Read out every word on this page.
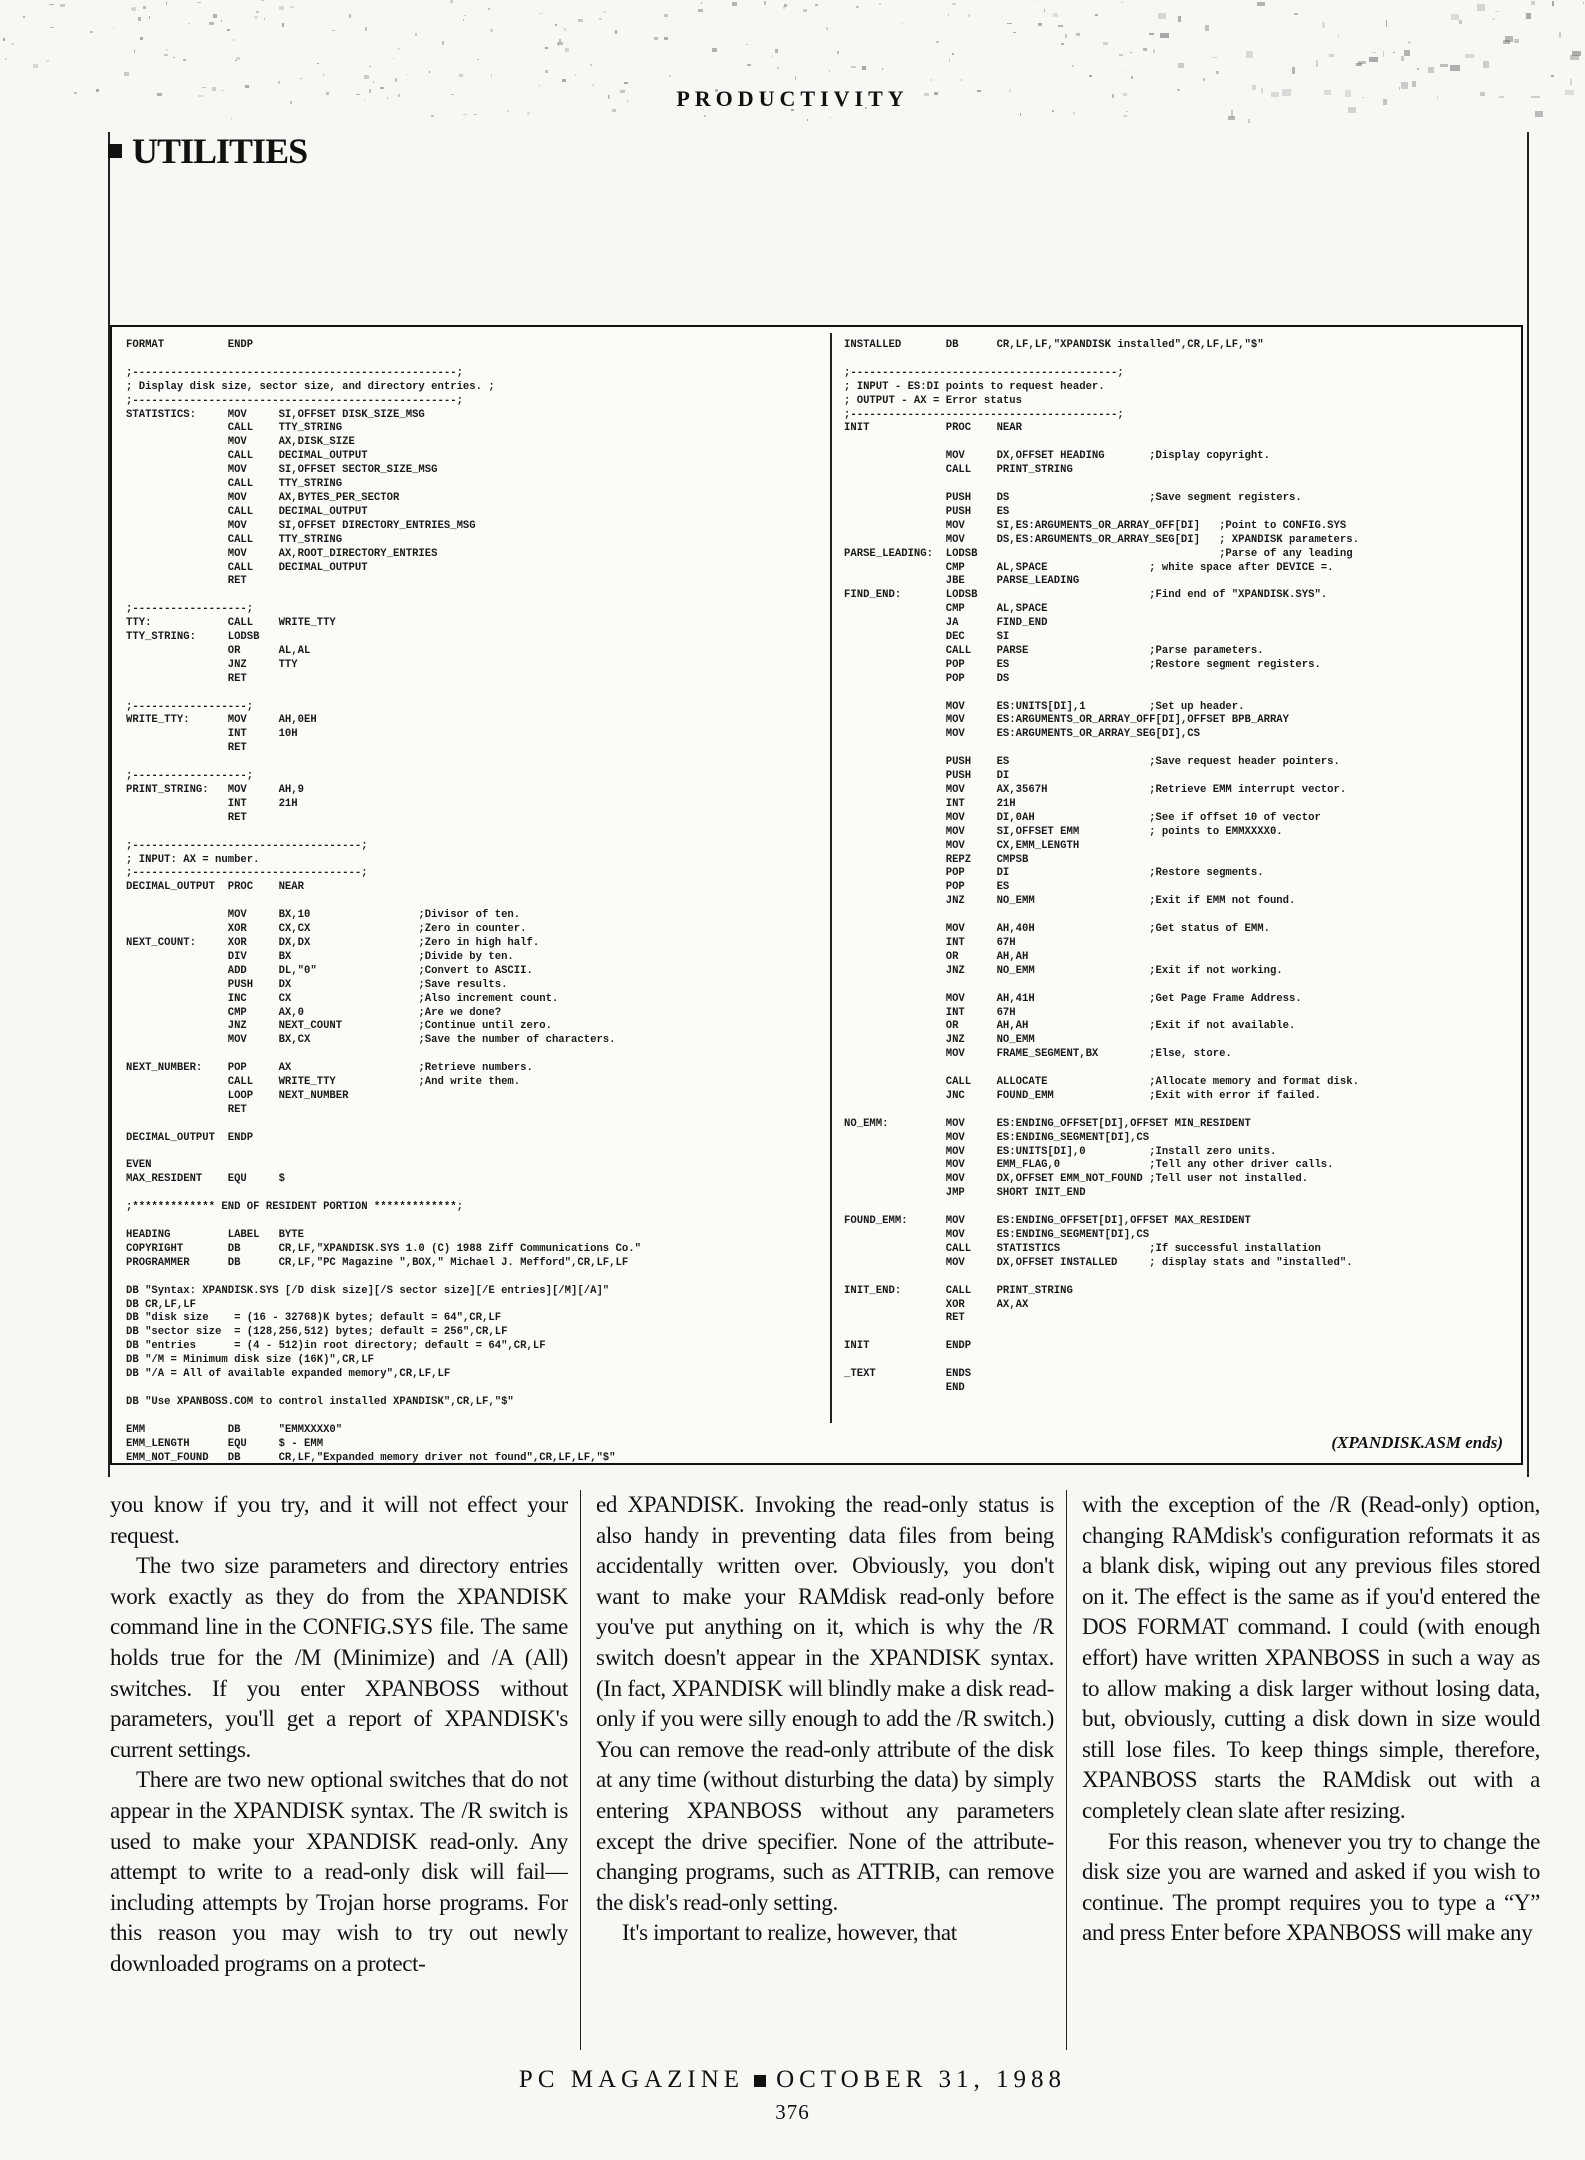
PRODUCTIVITY
UTILITIES
FORMAT          ENDP

;---------------------------------------------------;
; Display disk size, sector size, and directory entries. ;
;---------------------------------------------------;
STATISTICS:     MOV     SI,OFFSET DISK_SIZE_MSG
CALL    TTY_STRING
MOV     AX,DISK_SIZE
CALL    DECIMAL_OUTPUT
MOV     SI,OFFSET SECTOR_SIZE_MSG
CALL    TTY_STRING
MOV     AX,BYTES_PER_SECTOR
CALL    DECIMAL_OUTPUT
MOV     SI,OFFSET DIRECTORY_ENTRIES_MSG
CALL    TTY_STRING
MOV     AX,ROOT_DIRECTORY_ENTRIES
CALL    DECIMAL_OUTPUT
RET

;------------------;
TTY:            CALL    WRITE_TTY
TTY_STRING:     LODSB
OR      AL,AL
JNZ     TTY
RET

;------------------;
WRITE_TTY:      MOV     AH,0EH
INT     10H
RET

;------------------;
PRINT_STRING:   MOV     AH,9
INT     21H
RET

;------------------------------------;
; INPUT: AX = number.
;------------------------------------;
DECIMAL_OUTPUT  PROC    NEAR

MOV     BX,10                 ;Divisor of ten.
XOR     CX,CX                 ;Zero in counter.
NEXT_COUNT:     XOR     DX,DX                 ;Zero in high half.
DIV     BX                    ;Divide by ten.
ADD     DL,"0"                ;Convert to ASCII.
PUSH    DX                    ;Save results.
INC     CX                    ;Also increment count.
CMP     AX,0                  ;Are we done?
JNZ     NEXT_COUNT            ;Continue until zero.
MOV     BX,CX                 ;Save the number of characters.

NEXT_NUMBER:    POP     AX                    ;Retrieve numbers.
CALL    WRITE_TTY             ;And write them.
LOOP    NEXT_NUMBER
RET

DECIMAL_OUTPUT  ENDP

EVEN
MAX_RESIDENT    EQU     $

;************* END OF RESIDENT PORTION *************;

HEADING         LABEL   BYTE
COPYRIGHT       DB      CR,LF,"XPANDISK.SYS 1.0 (C) 1988 Ziff Communications Co."
PROGRAMMER      DB      CR,LF,"PC Magazine ",BOX," Michael J. Mefford",CR,LF,LF

DB "Syntax: XPANDISK.SYS [/D disk size][/S sector size][/E entries][/M][/A]"
DB CR,LF,LF
DB "disk size    = (16 - 32768)K bytes; default = 64",CR,LF
DB "sector size  = (128,256,512) bytes; default = 256",CR,LF
DB "entries      = (4 - 512)in root directory; default = 64",CR,LF
DB "/M = Minimum disk size (16K)",CR,LF
DB "/A = All of available expanded memory",CR,LF,LF

DB "Use XPANBOSS.COM to control installed XPANDISK",CR,LF,"$"

EMM             DB      "EMMXXXX0"
EMM_LENGTH      EQU     $ - EMM
EMM_NOT_FOUND   DB      CR,LF,"Expanded memory driver not found",CR,LF,LF,"$"
INSTALLED       DB      CR,LF,LF,"XPANDISK installed",CR,LF,LF,"$"

;------------------------------------------;
; INPUT - ES:DI points to request header.
; OUTPUT - AX = Error status
;------------------------------------------;
INIT            PROC    NEAR

MOV     DX,OFFSET HEADING       ;Display copyright.
CALL    PRINT_STRING

PUSH    DS                      ;Save segment registers.
PUSH    ES
MOV     SI,ES:ARGUMENTS_OR_ARRAY_OFF[DI]   ;Point to CONFIG.SYS
MOV     DS,ES:ARGUMENTS_OR_ARRAY_SEG[DI]   ; XPANDISK parameters.
PARSE_LEADING:  LODSB                                      ;Parse of any leading
CMP     AL,SPACE                ; white space after DEVICE =.
JBE     PARSE_LEADING
FIND_END:       LODSB                           ;Find end of "XPANDISK.SYS".
CMP     AL,SPACE
JA      FIND_END
DEC     SI
CALL    PARSE                   ;Parse parameters.
POP     ES                      ;Restore segment registers.
POP     DS

MOV     ES:UNITS[DI],1          ;Set up header.
MOV     ES:ARGUMENTS_OR_ARRAY_OFF[DI],OFFSET BPB_ARRAY
MOV     ES:ARGUMENTS_OR_ARRAY_SEG[DI],CS

PUSH    ES                      ;Save request header pointers.
PUSH    DI
MOV     AX,3567H                ;Retrieve EMM interrupt vector.
INT     21H
MOV     DI,0AH                  ;See if offset 10 of vector
MOV     SI,OFFSET EMM           ; points to EMMXXXX0.
MOV     CX,EMM_LENGTH
REPZ    CMPSB
POP     DI                      ;Restore segments.
POP     ES
JNZ     NO_EMM                  ;Exit if EMM not found.

MOV     AH,40H                  ;Get status of EMM.
INT     67H
OR      AH,AH
JNZ     NO_EMM                  ;Exit if not working.

MOV     AH,41H                  ;Get Page Frame Address.
INT     67H
OR      AH,AH                   ;Exit if not available.
JNZ     NO_EMM
MOV     FRAME_SEGMENT,BX        ;Else, store.

CALL    ALLOCATE                ;Allocate memory and format disk.
JNC     FOUND_EMM               ;Exit with error if failed.

NO_EMM:         MOV     ES:ENDING_OFFSET[DI],OFFSET MIN_RESIDENT
MOV     ES:ENDING_SEGMENT[DI],CS
MOV     ES:UNITS[DI],0          ;Install zero units.
MOV     EMM_FLAG,0              ;Tell any other driver calls.
MOV     DX,OFFSET EMM_NOT_FOUND ;Tell user not installed.
JMP     SHORT INIT_END

FOUND_EMM:      MOV     ES:ENDING_OFFSET[DI],OFFSET MAX_RESIDENT
MOV     ES:ENDING_SEGMENT[DI],CS
CALL    STATISTICS              ;If successful installation
MOV     DX,OFFSET INSTALLED     ; display stats and "installed".

INIT_END:       CALL    PRINT_STRING
XOR     AX,AX
RET

INIT            ENDP

_TEXT           ENDS
END
(XPANDISK.ASM ends)

you know if you try, and it will not effect your request.

The two size parameters and directory entries work exactly as they do from the XPANDISK command line in the CONFIG.SYS file. The same holds true for the /M (Minimize) and /A (All) switches. If you enter XPANBOSS without parameters, you'll get a report of XPANDISK's current settings.

There are two new optional switches that do not appear in the XPANDISK syntax. The /R switch is used to make your XPANDISK read-only. Any attempt to write to a read-only disk will fail—including attempts by Trojan horse programs. For this reason you may wish to try out newly downloaded programs on a protect-

ed XPANDISK. Invoking the read-only status is also handy in preventing data files from being accidentally written over. Obviously, you don't want to make your RAMdisk read-only before you've put anything on it, which is why the /R switch doesn't appear in the XPANDISK syntax. (In fact, XPANDISK will blindly make a disk read-only if you were silly enough to add the /R switch.) You can remove the read-only attribute of the disk at any time (without disturbing the data) by simply entering XPANBOSS without any parameters except the drive specifier. None of the attribute-changing programs, such as ATTRIB, can remove the disk's read-only setting.

It's important to realize, however, that

with the exception of the /R (Read-only) option, changing RAMdisk's configuration reformats it as a blank disk, wiping out any previous files stored on it. The effect is the same as if you'd entered the DOS FORMAT command. I could (with enough effort) have written XPANBOSS in such a way as to allow making a disk larger without losing data, but, obviously, cutting a disk down in size would still lose files. To keep things simple, therefore, XPANBOSS starts the RAMdisk out with a completely clean slate after resizing.

For this reason, whenever you try to change the disk size you are warned and asked if you wish to continue. The prompt requires you to type a “Y” and press Enter before XPANBOSS will make any

PC MAGAZINE OCTOBER 31, 1988
376
